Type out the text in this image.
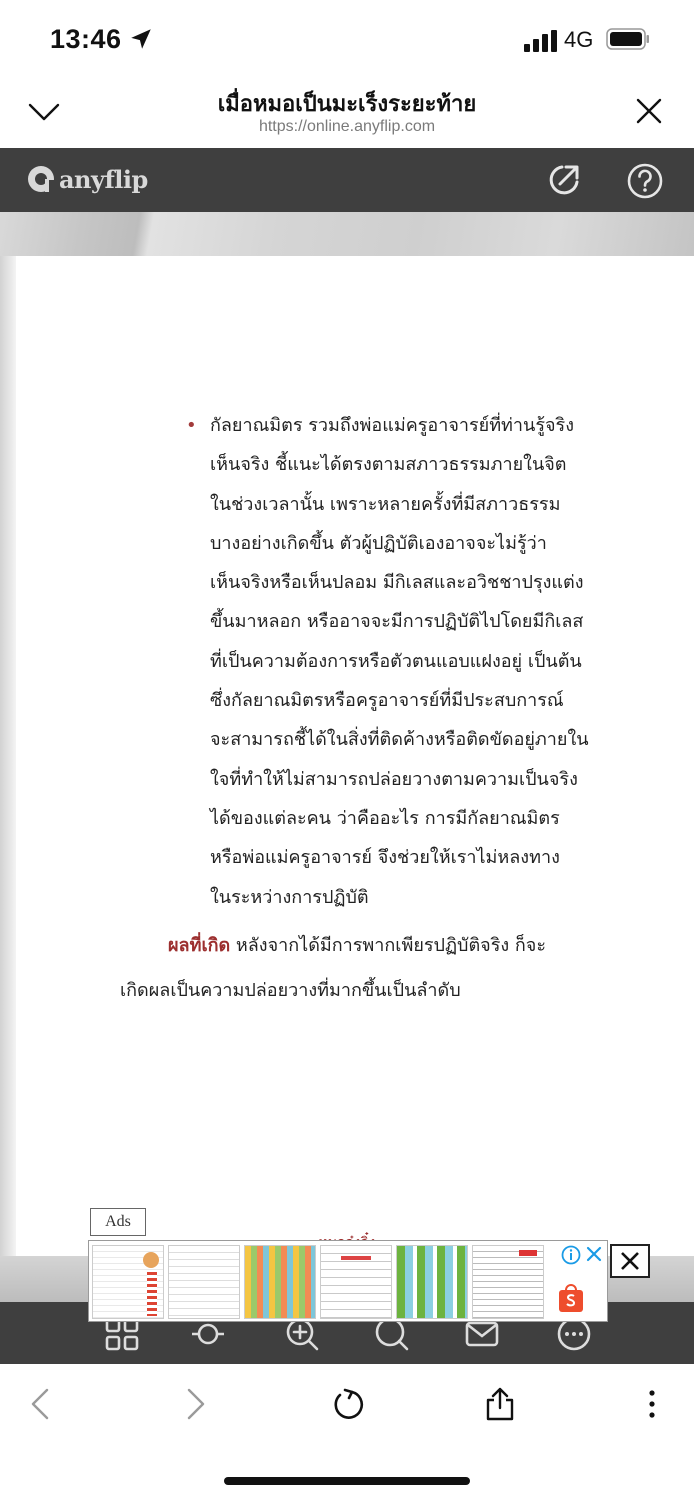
13:46	4G
เมื่อหมอเป็นมะเร็งระยะท้าย
https://online.anyflip.com
anyflip
• กัลยาณมิตร รวมถึงพ่อแม่ครูอาจารย์ที่ท่านรู้จริง
เห็นจริง ชี้แนะได้ตรงตามสภาวธรรมภายในจิต
ในช่วงเวลานั้น เพราะหลายครั้งที่มีสภาวธรรม
บางอย่างเกิดขึ้น ตัวผู้ปฏิบัติเองอาจจะไม่รู้ว่า
เห็นจริงหรือเห็นปลอม มีกิเลสและอวิชชาปรุงแต่ง
ขึ้นมาหลอก หรืออาจจะมีการปฏิบัติไปโดยมีกิเลส
ที่เป็นความต้องการหรือตัวตนแอบแฝงอยู่ เป็นต้น
ซึ่งกัลยาณมิตรหรือครูอาจารย์ที่มีประสบการณ์
จะสามารถชี้ได้ในสิ่งที่ติดค้างหรือติดขัดอยู่ภายใน
ใจที่ทำให้ไม่สามารถปล่อยวางตามความเป็นจริง
ได้ของแต่ละคน ว่าคืออะไร การมีกัลยาณมิตร
หรือพ่อแม่ครูอาจารย์ จึงช่วยให้เราไม่หลงทาง
ในระหว่างการปฏิบัติ
ผลที่เกิด หลังจากได้มีการพากเพียรปฏิบัติจริง ก็จะ
เกิดผลเป็นความปล่อยวางที่มากขึ้นเป็นลำดับ
Ads
